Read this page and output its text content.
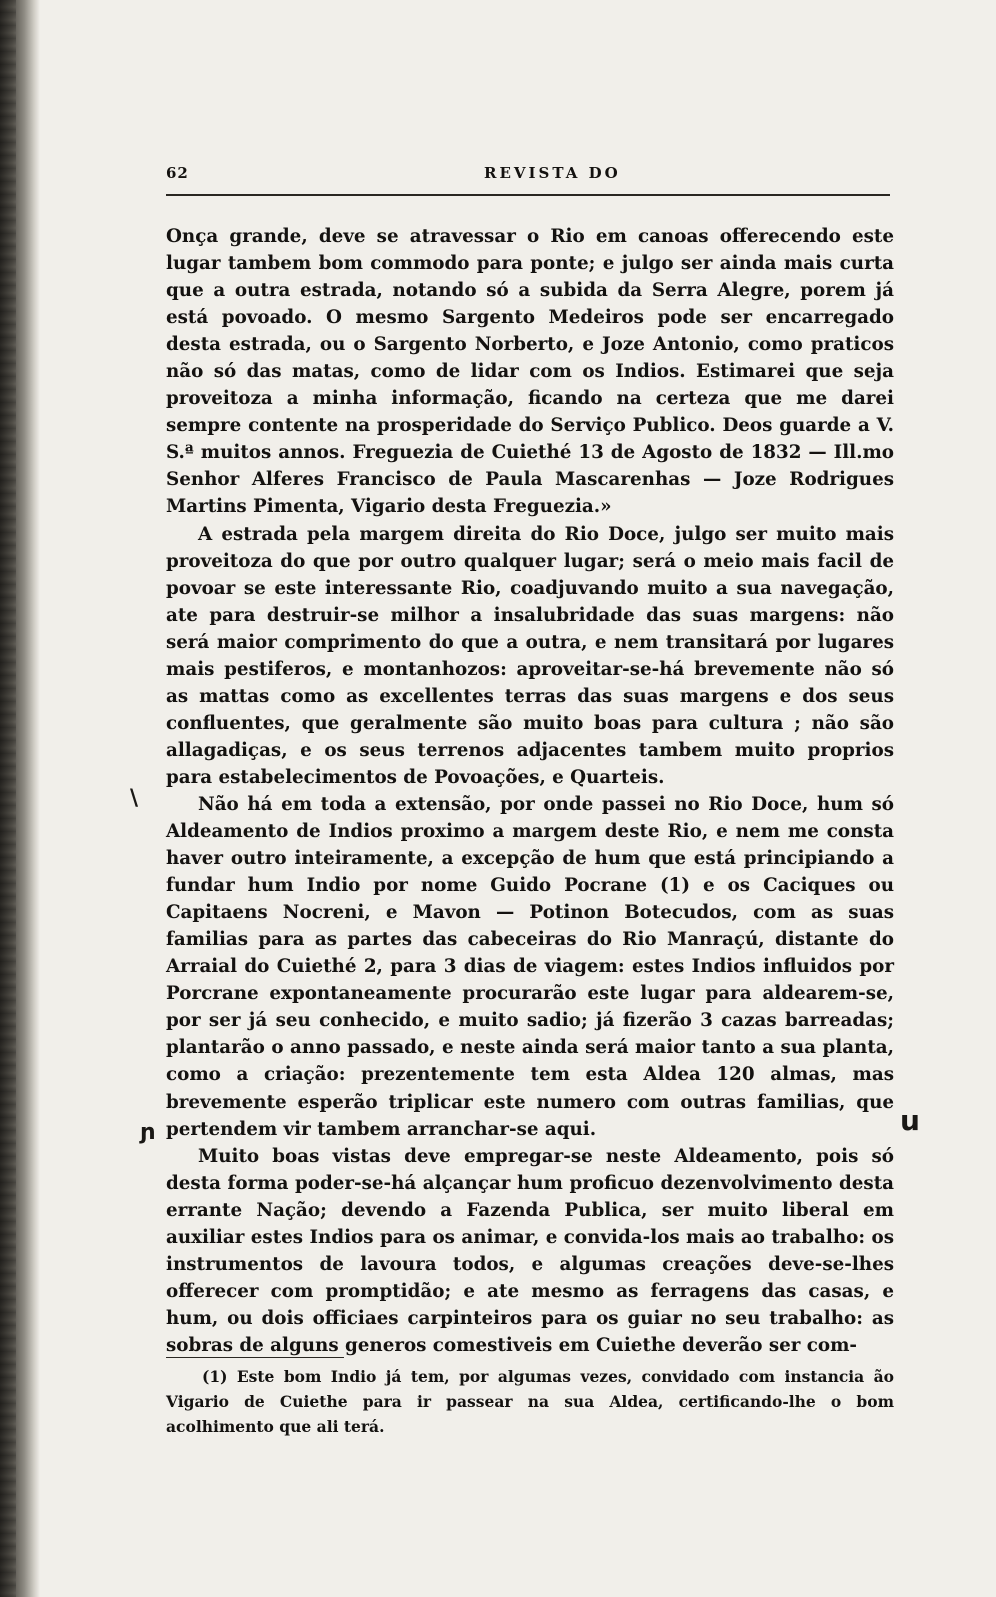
62	REVISTA DO

Onça grande, deve se atravessar o Rio em canoas offerecendo este lugar tambem bom commodo para ponte; e julgo ser ainda mais curta que a outra estrada, notando só a subida da Serra Alegre, porem já está povoado. O mesmo Sargento Medeiros pode ser encarregado desta estrada, ou o Sargento Norberto, e Joze Antonio, como praticos não só das matas, como de lidar com os Indios. Estimarei que seja proveitoza a minha informação, ficando na certeza que me darei sempre contente na prosperidade do Serviço Publico. Deos guarde a V. S.ª muitos annos. Freguezia de Cuiethé 13 de Agosto de 1832 — Ill.mo Senhor Alferes Francisco de Paula Mascarenhas — Joze Rodrigues Martins Pimenta, Vigario desta Freguezia.»

A estrada pela margem direita do Rio Doce, julgo ser muito mais proveitoza do que por outro qualquer lugar; será o meio mais facil de povoar se este interessante Rio, coadjuvando muito a sua navegação, ate para destruir-se milhor a insalubridade das suas margens: não será maior comprimento do que a outra, e nem transitará por lugares mais pestiferos, e montanhozos: aproveitar-se-há brevemente não só as mattas como as excellentes terras das suas margens e dos seus confluentes, que geralmente são muito boas para cultura ; não são allagadiças, e os seus terrenos adjacentes tambem muito proprios para estabelecimentos de Povoações, e Quarteis.

Não há em toda a extensão, por onde passei no Rio Doce, hum só Aldeamento de Indios proximo a margem deste Rio, e nem me consta haver outro inteiramente, a excepção de hum que está principiando a fundar hum Indio por nome Guido Pocrane (1) e os Caciques ou Capitaens Nocreni, e Mavon — Potinon Botecudos, com as suas familias para as partes das cabeceiras do Rio Manraçú, distante do Arraial do Cuiethé 2, para 3 dias de viagem: estes Indios influidos por Porcrane expontaneamente procurarão este lugar para aldearem-se, por ser já seu conhecido, e muito sadio; já fizerão 3 cazas barreadas; plantarão o anno passado, e neste ainda será maior tanto a sua planta, como a criação: prezentemente tem esta Aldea 120 almas, mas brevemente esperão triplicar este numero com outras familias, que pertendem vir tambem arranchar-se aqui.

Muito boas vistas deve empregar-se neste Aldeamento, pois só desta forma poder-se-há alçançar hum proficuo dezenvolvimento desta errante Nação; devendo a Fazenda Publica, ser muito liberal em auxiliar estes Indios para os animar, e convida-los mais ao trabalho: os instrumentos de lavoura todos, e algumas creações deve-se-lhes offerecer com promptidão; e ate mesmo as ferragens das casas, e hum, ou dois officiaes carpinteiros para os guiar no seu trabalho: as sobras de alguns generos comestiveis em Cuiethe deverão ser com-

(1) Este bom Indio já tem, por algumas vezes, convidado com instancia ão Vigario de Cuiethe para ir passear na sua Aldea, certificando-lhe o bom acolhimento que ali terá.

\
ɲ	u
